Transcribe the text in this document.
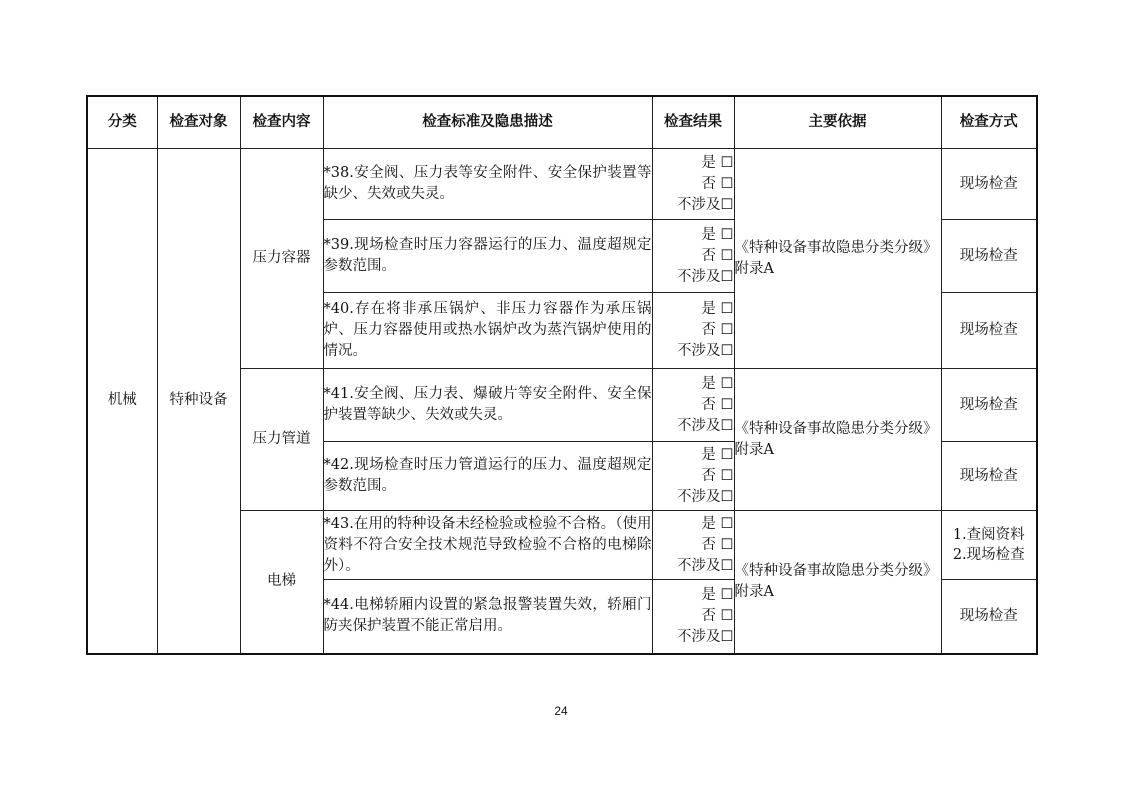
分类	检查对象	检查内容	检查标准及隐患描述	检查结果	主要依据	检查方式
机械	特种设备	压力容器	*38.安全阀、压力表等安全附件、安全保护装置等缺少、失效或失灵。	是 ☐
否 ☐
不涉及☐	《特种设备事故隐患分类分级》附录A	现场检查
			*39.现场检查时压力容器运行的压力、温度超规定参数范围。	是 ☐
否 ☐
不涉及☐		现场检查
			*40.存在将非承压锅炉、非压力容器作为承压锅炉、压力容器使用或热水锅炉改为蒸汽锅炉使用的情况。	是 ☐
否 ☐
不涉及☐		现场检查
		压力管道	*41.安全阀、压力表、爆破片等安全附件、安全保护装置等缺少、失效或失灵。	是 ☐
否 ☐
不涉及☐	《特种设备事故隐患分类分级》附录A	现场检查
			*42.现场检查时压力管道运行的压力、温度超规定参数范围。	是 ☐
否 ☐
不涉及☐		现场检查
		电梯	*43.在用的特种设备未经检验或检验不合格。（使用资料不符合安全技术规范导致检验不合格的电梯除外）。	是 ☐
否 ☐
不涉及☐	《特种设备事故隐患分类分级》附录A	1.查阅资料
2.现场检查
			*44.电梯轿厢内设置的紧急报警装置失效，轿厢门防夹保护装置不能正常启用。	是 ☐
否 ☐
不涉及☐		现场检查
24
